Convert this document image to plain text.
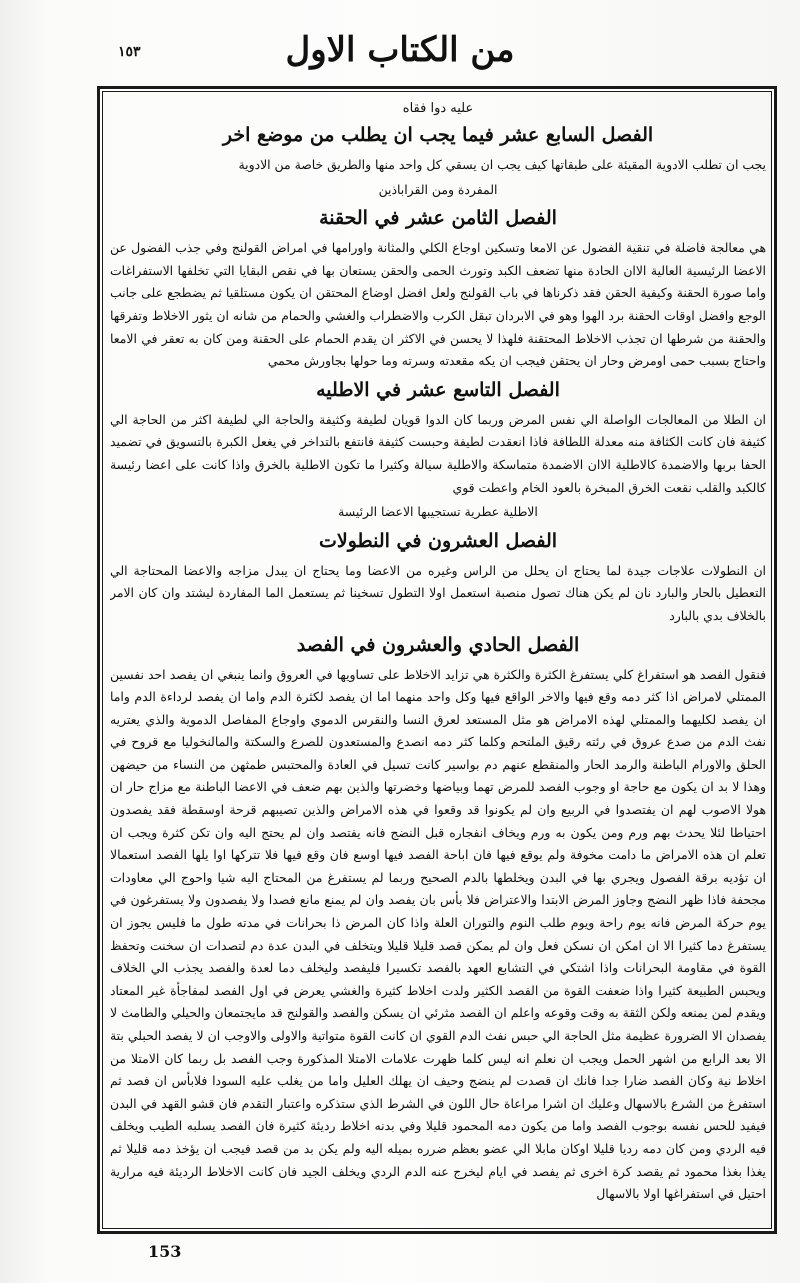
من الكتاب الاول
١٥٣
عليه دوا فقاه
الفصل السابع عشر فيما يجب ان يطلب من موضع اخر

يجب ان تطلب الادوية المقيئة على طبقاتها كيف يجب ان يسقي كل واحد منها والطريق خاصة من الادوية

المفردة ومن القراباذين

الفصل الثامن عشر في الحقنة

هي معالجة فاضلة في تنقية الفضول عن الامعا وتسكين اوجاع الكلي والمثانة واورامها في امراض القولنج وفي جذب الفضول عن الاعضا الرئيسية العالية الاان الحادة منها تضعف الكبد وتورث الحمى والحقن يستعان بها في نقص البقايا التي تخلفها الاستفراغات واما صورة الحقنة وكيفية الحقن فقد ذكرناها في باب القولنج ولعل افضل اوضاع المحتقن ان يكون مستلقيا ثم يضطجع على جانب الوجع وافضل اوقات الحقنة برد الهوا وهو في الابردان تبقل الكرب والاضطراب والغشي والحمام من شانه ان يثور الاخلاط وتفرقها والحقنة من شرطها ان تجذب الاخلاط المحتقنة فلهذا لا يحسن في الاكثر ان يقدم الحمام على الحقنة ومن كان به تعقر في الامعا واحتاج بسبب حمى اومرض وحار ان يحتقن فيجب ان يكه مقعدته وسرته وما حولها بجاورش محمي

الفصل التاسع عشر في الاطليه

ان الطلا من المعالجات الواصلة الي نفس المرض وربما كان الدوا قويان لطيفة وكثيفة والحاجة الي لطيفة اكثر من الحاجة الي كثيفة فان كانت الكثافة منه معدلة اللطافة فاذا انعقدت لطيفة وحبست كثيفة فانتفع بالتداخر في يغعل الكبرة بالتسويق في تضميد الحفا بربها والاضمدة كالاطلية الاان الاضمدة متماسكة والاطلية سيالة وكثيرا ما تكون الاطلية بالخرق واذا كانت على اعضا رئيسة كالكبد والقلب نقعت الخرق المبخرة بالعود الخام واعطت قوي

الاطلية عطرية تستجيبها الاعضا الرئيسة

الفصل العشرون في النطولات

ان النطولات علاجات جيدة لما يحتاج ان يحلل من الراس وغيره من الاعضا وما يحتاج ان يبدل مزاجه والاعضا المحتاجة الي التعطيل بالحار والبارد نان لم يكن هناك تصول منصبة استعمل اولا التطول تسخينا ثم يستعمل الما المفاردة ليشتد وان كان الامر بالخلاف بدي بالبارد

الفصل الحادي والعشرون في الفصد

فنقول الفصد هو استفراغ كلي يستفرغ الكثرة والكثرة هي تزايد الاخلاط على تساويها في العروق وانما ينبغي ان يفصد احد نفسين الممتلي لامراض اذا كثر دمه وقع فيها والاخر الواقع فيها وكل واحد منهما اما ان يفصد لكثرة الدم واما ان يفصد لرداءة الدم واما ان يفصد لكليهما والممتلي لهذه الامراض هو مثل المستعد لعرق النسا والنقرس الدموي واوجاع المفاصل الدموية والذي يعتريه نفث الدم من صدع عروق في رئته رقيق الملتحم وكلما كثر دمه انصدع والمستعدون للصرع والسكتة والمالنخوليا مع قروح في الحلق والاورام الباطنة والرمد الحار والمنقطع عنهم دم بواسير كانت تسيل في العادة والمحتبس طمثهن من النساء من حيضهن وهذا لا بد ان يكون مع حاجة او وجوب الفصد للمرض تهما وبياضها وخضرتها والذين بهم ضعف في الاعضا الباطنة مع مزاج حار ان هولا الاصوب لهم ان يفتصدوا في الربيع وان لم يكونوا قد وقعوا في هذه الامراض والذين تصيبهم قرحة اوسقطة فقد يفصدون احتياطا لئلا يحدث بهم ورم ومن يكون به ورم ويخاف انفجاره قبل النضج فانه يفتصد وان لم يحتج اليه وان تكن كثرة ويجب ان تعلم ان هذه الامراض ما دامت مخوفة ولم يوقع فيها فان اباحة الفصد فيها اوسع فان وقع فيها فلا تتركها اوا يلها الفصد استعمالا ان تؤديه برقة الفصول ويجري بها في البدن ويخلطها بالدم الصحيح وربما لم يستفرغ من المحتاج اليه شيا واحوج الي معاودات مجحفة فاذا ظهر النضج وجاوز المرض الابتدا والاعتراض فلا بأس بان يفصد وان لم يمنع مانع فصدا ولا يفصدون ولا يستفرغون في يوم حركة المرض فانه يوم راحة ويوم طلب النوم والتوران العلة واذا كان المرض ذا بحرانات في مدته طول ما فليس يجوز ان يستفرغ دما كثيرا الا ان امكن ان نسكن فعل وان لم يمكن قصد قليلا قليلا ويتخلف في البدن عدة دم لتصدات ان سخنت وتحفظ القوة في مقاومة البحرانات واذا اشتكي في التشابع العهد بالفصد تكسيرا فليفصد وليخلف دما لعدة والفصد يجذب الي الخلاف ويحبس الطبيعة كثيرا واذا ضعفت القوة من الفصد الكثير ولدت اخلاط كثيرة والغشي يعرض في اول الفصد لمفاجأة غير المعتاد ويقدم لمن يمنعه ولكن الثقة به وقت وقوعه واعلم ان الفصد مثرئي ان يسكن والفصد والقولنج قد مايجتمعان والحيلي والطامث لا يفصدان الا الضرورة عظيمة مثل الحاجة الي حبس نفث الدم القوي ان كانت القوة متواتية والاولى والاوجب ان لا يفصد الحبلي بتة الا بعد الرابع من اشهر الحمل ويجب ان نعلم انه ليس كلما ظهرت علامات الامتلا المذكورة وجب الفصد بل ربما كان الامتلا من اخلاط نية وكان الفصد ضارا جدا فانك ان قصدت لم ينضج وحيف ان يهلك العليل واما من يغلب عليه السودا فلابأس ان فصد ثم استفرغ من الشرع بالاسهال وعليك ان اشرا مراعاة حال اللون في الشرط الذي ستذكره واعتبار التقدم فان قشو القهد في البدن فيفيد للحس نفسه بوجوب الفصد واما من يكون دمه المحمود قليلا وفي بدنه اخلاط رديئة كثيرة فان الفصد يسلبه الطيب ويخلف فيه الردي ومن كان دمه رديا قليلا اوكان مابلا الي عضو بعظم ضرره بميله اليه ولم يكن بد من قصد فيجب ان يؤخذ دمه قليلا ثم يغذا بغذا محمود ثم يقصد كرة اخرى ثم يفصد في ايام ليخرج عنه الدم الردي ويخلف الجيد فان كانت الاخلاط الرديئة فيه مرارية احتيل في استفراغها اولا بالاسهال

153
